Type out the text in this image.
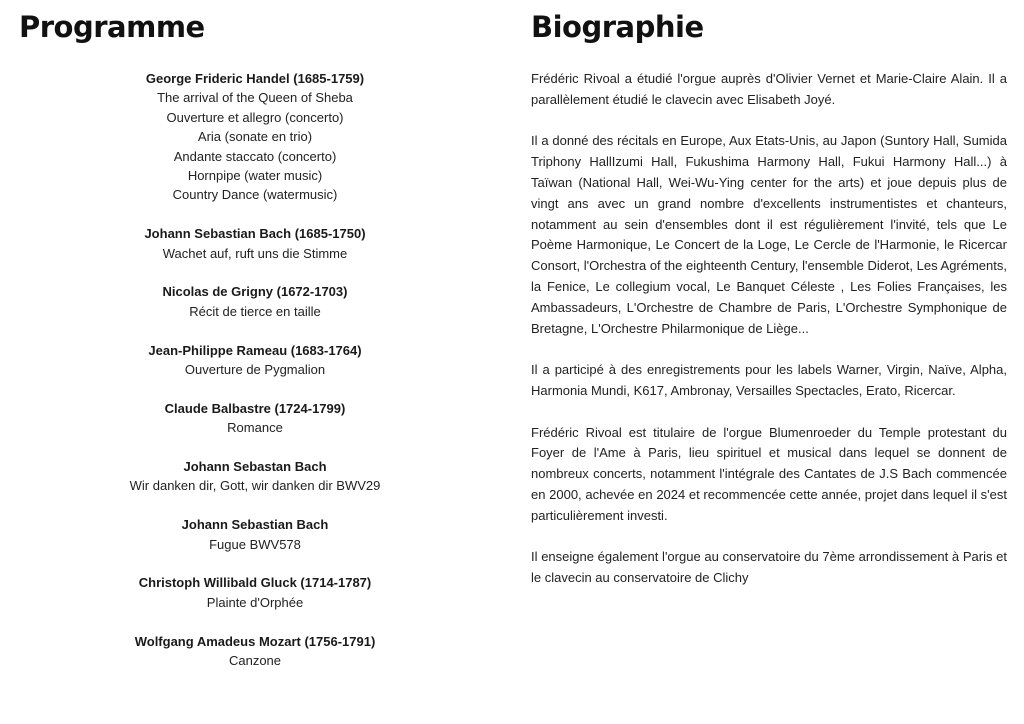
Programme
George Frideric Handel (1685-1759)
The arrival of the Queen of Sheba
Ouverture et allegro (concerto)
Aria (sonate en trio)
Andante staccato (concerto)
Hornpipe (water music)
Country Dance (watermusic)
Johann Sebastian Bach (1685-1750)
Wachet auf, ruft uns die Stimme
Nicolas de Grigny (1672-1703)
Récit de tierce en taille
Jean-Philippe Rameau (1683-1764)
Ouverture de Pygmalion
Claude Balbastre (1724-1799)
Romance
Johann Sebastan Bach
Wir danken dir, Gott, wir danken dir BWV29
Johann Sebastian Bach
Fugue BWV578
Christoph Willibald Gluck (1714-1787)
Plainte d'Orphée
Wolfgang Amadeus Mozart (1756-1791)
Canzone
Biographie

Frédéric Rivoal a étudié l'orgue auprès d'Olivier Vernet et Marie-Claire Alain. Il a parallèlement étudié le clavecin avec Elisabeth Joyé.

Il a donné des récitals en Europe, Aux Etats-Unis, au Japon (Suntory Hall, Sumida Triphony HallIzumi Hall, Fukushima Harmony Hall, Fukui Harmony Hall...) à Taïwan (National Hall, Wei-Wu-Ying center for the arts) et joue depuis plus de vingt ans avec un grand nombre d'excellents instrumentistes et chanteurs, notamment au sein d'ensembles dont il est régulièrement l'invité, tels que Le Poème Harmonique, Le Concert de la Loge, Le Cercle de l'Harmonie, le Ricercar Consort, l'Orchestra of the eighteenth Century, l'ensemble Diderot, Les Agréments, la Fenice, Le collegium vocal, Le Banquet Céleste , Les Folies Françaises, les Ambassadeurs, L'Orchestre de Chambre de Paris, L'Orchestre Symphonique de Bretagne, L'Orchestre Philarmonique de Liège...

Il a participé à des enregistrements pour les labels Warner, Virgin, Naïve, Alpha, Harmonia Mundi, K617, Ambronay, Versailles Spectacles, Erato, Ricercar.

Frédéric Rivoal est titulaire de l'orgue Blumenroeder du Temple protestant du Foyer de l'Ame à Paris, lieu spirituel et musical dans lequel se donnent de nombreux concerts, notamment l'intégrale des Cantates de J.S Bach commencée en 2000, achevée en 2024 et recommencée cette année, projet dans lequel il s'est particulièrement investi.

Il enseigne également l'orgue au conservatoire du 7ème arrondissement à Paris et le clavecin au conservatoire de Clichy
